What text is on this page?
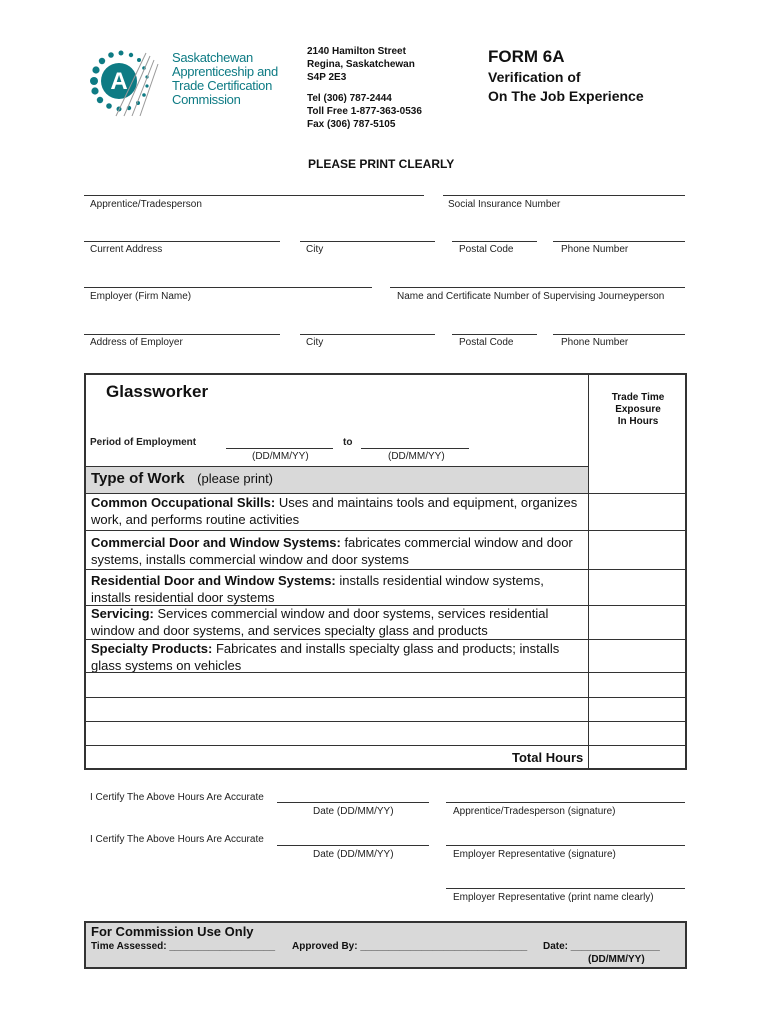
A
Saskatchewan
Apprenticeship and
Trade Certification
Commission
2140 Hamilton Street
Regina, Saskatchewan
S4P 2E3
Tel (306) 787-2444
Toll Free 1-877-363-0536
Fax (306) 787-5105
FORM 6A
Verification of
On The Job Experience
PLEASE PRINT CLEARLY
Apprentice/Tradesperson	Social Insurance Number
Current Address	City	Postal Code	Phone Number
Employer (Firm Name)	Name and Certificate Number of Supervising Journeyperson
Address of Employer	City	Postal Code	Phone Number
Glassworker	Trade Time
Exposure
In Hours
Period of Employment	to
(DD/MM/YY)	(DD/MM/YY)
Type of Work (please print)
Common Occupational Skills: Uses and maintains tools and equipment, organizes work, and performs routine activities
Commercial Door and Window Systems: fabricates commercial window and door systems, installs commercial window and door systems
Residential Door and Window Systems: installs residential window systems, installs residential door systems
Servicing: Services commercial window and door systems, services residential window and door systems, and services specialty glass and products
Specialty Products: Fabricates and installs specialty glass and products; installs glass systems on vehicles
Total Hours
I Certify The Above Hours Are Accurate
Date (DD/MM/YY)	Apprentice/Tradesperson (signature)
I Certify The Above Hours Are Accurate
Date (DD/MM/YY)	Employer Representative (signature)
Employer Representative (print name clearly)
For Commission Use Only
Time Assessed: ___________________ Approved By: ______________________________ Date: ________________
(DD/MM/YY)
